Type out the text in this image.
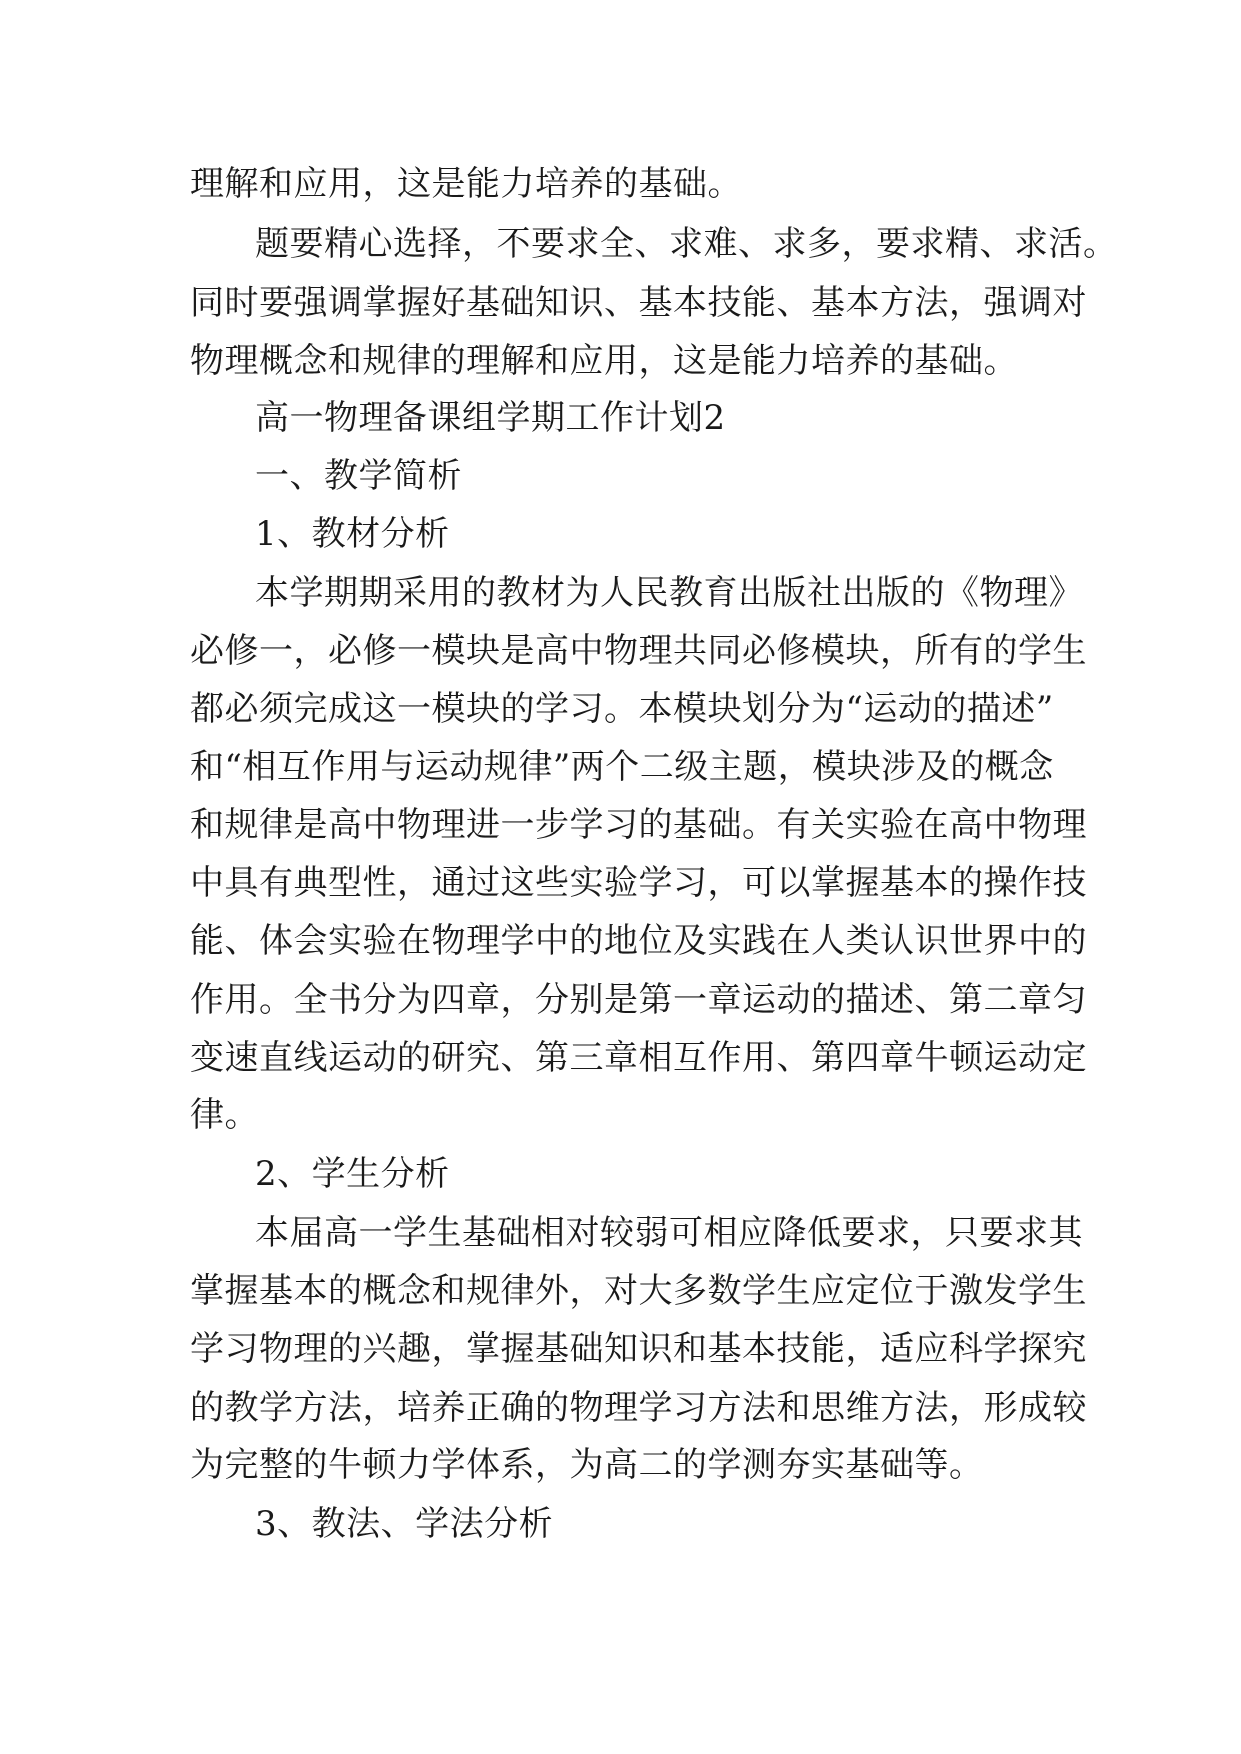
理解和应用，这是能力培养的基础。
题要精心选择，不要求全、求难、求多，要求精、求活。
同时要强调掌握好基础知识、基本技能、基本方法，强调对
物理概念和规律的理解和应用，这是能力培养的基础。
高一物理备课组学期工作计划2
一、教学简析
1、教材分析
本学期期采用的教材为人民教育出版社出版的《物理》
必修一，必修一模块是高中物理共同必修模块，所有的学生
都必须完成这一模块的学习。本模块划分为“运动的描述”
和“相互作用与运动规律”两个二级主题，模块涉及的概念
和规律是高中物理进一步学习的基础。有关实验在高中物理
中具有典型性，通过这些实验学习，可以掌握基本的操作技
能、体会实验在物理学中的地位及实践在人类认识世界中的
作用。全书分为四章，分别是第一章运动的描述、第二章匀
变速直线运动的研究、第三章相互作用、第四章牛顿运动定
律。
2、学生分析
本届高一学生基础相对较弱可相应降低要求，只要求其
掌握基本的概念和规律外，对大多数学生应定位于激发学生
学习物理的兴趣，掌握基础知识和基本技能，适应科学探究
的教学方法，培养正确的物理学习方法和思维方法，形成较
为完整的牛顿力学体系，为高二的学测夯实基础等。
3、教法、学法分析
